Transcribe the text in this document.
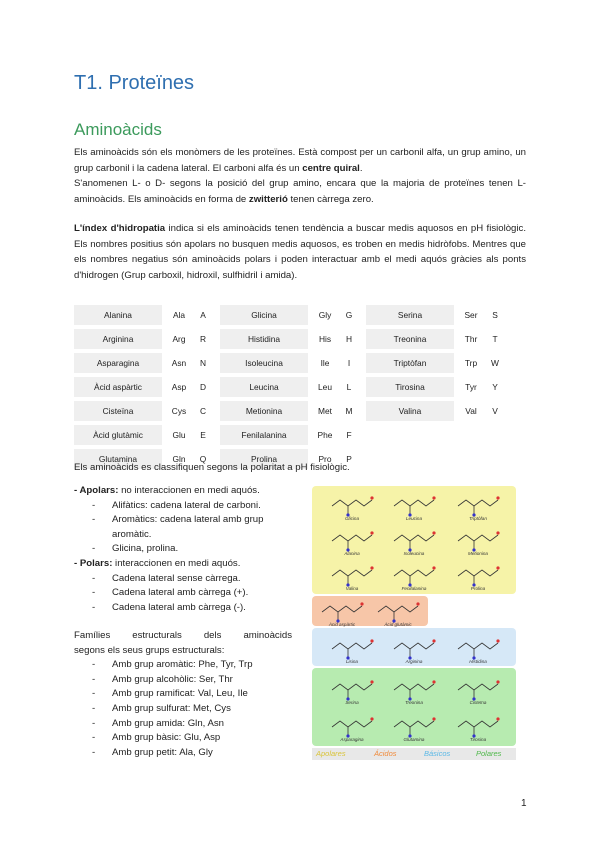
T1. Proteïnes
Aminoàcids
Els aminoàcids són els monòmers de les proteïnes. Està compost per un carbonil alfa, un grup amino, un grup carbonil i la cadena lateral. El carboni alfa és un centre quiral.
S'anomenen L- o D- segons la posició del grup amino, encara que la majoria de proteïnes tenen L-aminoàcids. Els aminoàcids en forma de zwitterió tenen càrrega zero.
L'índex d'hidropatia indica si els aminoàcids tenen tendència a buscar medis aquosos en pH fisiològic. Els nombres positius són apolars no busquen medis aquosos, es troben en medis hidròfobs. Mentres que els nombres negatius són aminoàcids polars i poden interactuar amb el medi aquós gràcies als ponts d'hidrogen (Grup carboxil, hidroxil, sulfhidril i amida).
Alanina	Ala	A		Glicina	Gly	G		Serina	Ser	S
Arginina	Arg	R		Histidina	His	H		Treonina	Thr	T
Asparagina	Asn	N		Isoleucina	Ile	I		Triptòfan	Trp	W
Àcid aspàrtic	Asp	D		Leucina	Leu	L		Tirosina	Tyr	Y
Cisteïna	Cys	C		Metionina	Met	M		Valina	Val	V
Àcid glutàmic	Glu	E		Fenilalanina	Phe	F				
Glutamina	Gln	Q		Prolina	Pro	P				
Els aminoàcids es classifiquen segons la polaritat a pH fisiològic.
- Apolars: no interaccionen en medi aquós.
- Alifàtics: cadena lateral de carboni.
- Aromàtics: cadena lateral amb grup
aromàtic.
- Glicina, prolina.
- Polars: interaccionen en medi aquós.
- Cadena lateral sense càrrega.
- Cadena lateral amb càrrega (+).
- Cadena lateral amb càrrega (-).
Famílies estructurals dels aminoàcids
segons els seus grups estructurals:
- Amb grup aromàtic: Phe, Tyr, Trp
- Amb grup alcohòlic: Ser, Thr
- Amb grup ramificat: Val, Leu, Ile
- Amb grup sulfurat: Met, Cys
- Amb grup amida: Gln, Asn
- Amb grup bàsic: Glu, Asp
- Amb grup petit: Ala, Gly
Glicina	Leucina	Triptòfan
Alanina	Isoleucina	Metionina
Valina	Fenilalanina	Prolina
Àcid aspàrtic	Àcid glutàmic
Lisina	Arginina	Histidina
Serina	Treonina	Cisteïna
Asparagina	Glutamina	Tirosina
Apolares	Ácidos	Básicos	Polares
1
